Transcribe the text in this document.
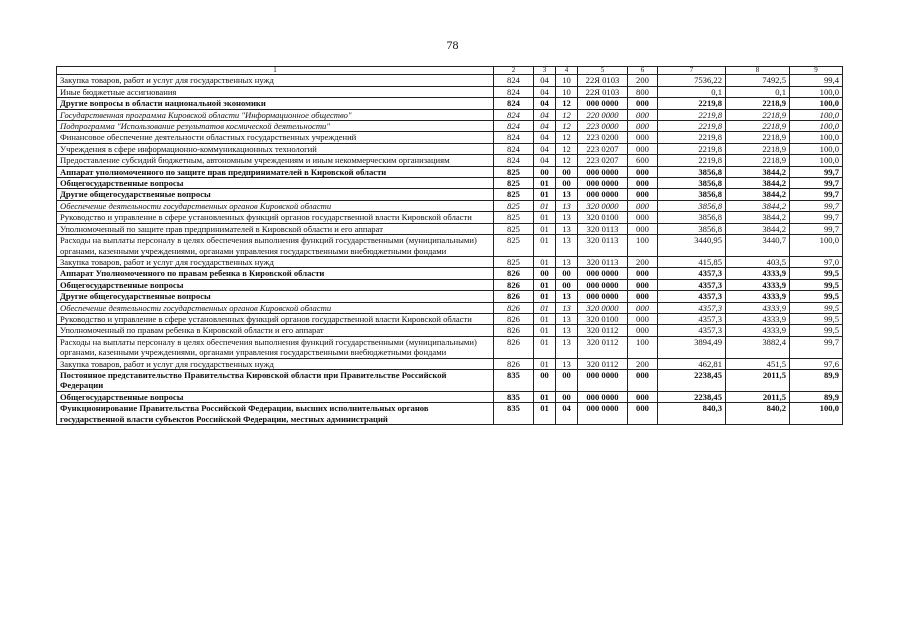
78
1	2	3	4	5	6	7	8	9
Закупка товаров, работ и услуг для государственных нужд	824	04	10	22Я 0103	200	7536,22	7492,5	99,4
Иные бюджетные ассигнования	824	04	10	22Я 0103	800	0,1	0,1	100,0
Другие вопросы в области национальной экономики	824	04	12	000 0000	000	2219,8	2218,9	100,0
Государственная программа Кировской области "Информационное общество"	824	04	12	220 0000	000	2219,8	2218,9	100,0
Подпрограмма "Использование результатов космической деятельности"	824	04	12	223 0000	000	2219,8	2218,9	100,0
Финансовое обеспечение деятельности областных государственных учреждений	824	04	12	223 0200	000	2219,8	2218,9	100,0
Учреждения в сфере информационно-коммуникационных технологий	824	04	12	223 0207	000	2219,8	2218,9	100,0
Предоставление субсидий бюджетным, автономным учреждениям и иным некоммерческим организациям	824	04	12	223 0207	600	2219,8	2218,9	100,0
Аппарат уполномоченного по защите прав предпринимателей в Кировской области	825	00	00	000 0000	000	3856,8	3844,2	99,7
Общегосударственные вопросы	825	01	00	000 0000	000	3856,8	3844,2	99,7
Другие общегосударственные вопросы	825	01	13	000 0000	000	3856,8	3844,2	99,7
Обеспечение деятельности государственных органов Кировской области	825	01	13	320 0000	000	3856,8	3844,2	99,7
Руководство и управление в сфере установленных функций органов государственной власти Кировской области	825	01	13	320 0100	000	3856,8	3844,2	99,7
Уполномоченный по защите прав предпринимателей в Кировской области и его аппарат	825	01	13	320 0113	000	3856,8	3844,2	99,7
Расходы на выплаты персоналу в целях обеспечения выполнения функций государственными (муниципальными) органами, казенными учреждениями, органами управления государственными внебюджетными фондами	825	01	13	320 0113	100	3440,95	3440,7	100,0
Закупка товаров, работ и услуг для государственных нужд	825	01	13	320 0113	200	415,85	403,5	97,0
Аппарат Уполномоченного по правам ребенка в Кировской области	826	00	00	000 0000	000	4357,3	4333,9	99,5
Общегосударственные вопросы	826	01	00	000 0000	000	4357,3	4333,9	99,5
Другие общегосударственные вопросы	826	01	13	000 0000	000	4357,3	4333,9	99,5
Обеспечение деятельности государственных органов Кировской области	826	01	13	320 0000	000	4357,3	4333,9	99,5
Руководство и управление в сфере установленных функций органов государственной власти Кировской области	826	01	13	320 0100	000	4357,3	4333,9	99,5
Уполномоченный по правам ребенка в Кировской области и его аппарат	826	01	13	320 0112	000	4357,3	4333,9	99,5
Расходы на выплаты персоналу в целях обеспечения выполнения функций государственными (муниципальными) органами, казенными учреждениями, органами управления государственными внебюджетными фондами	826	01	13	320 0112	100	3894,49	3882,4	99,7
Закупка товаров, работ и услуг для государственных нужд	826	01	13	320 0112	200	462,81	451,5	97,6
Постоянное представительство Правительства Кировской области при Правительстве Российской Федерации	835	00	00	000 0000	000	2238,45	2011,5	89,9
Общегосударственные вопросы	835	01	00	000 0000	000	2238,45	2011,5	89,9
Функционирование Правительства Российской Федерации, высших исполнительных органов государственной власти субъектов Российской Федерации, местных администраций	835	01	04	000 0000	000	840,3	840,2	100,0
